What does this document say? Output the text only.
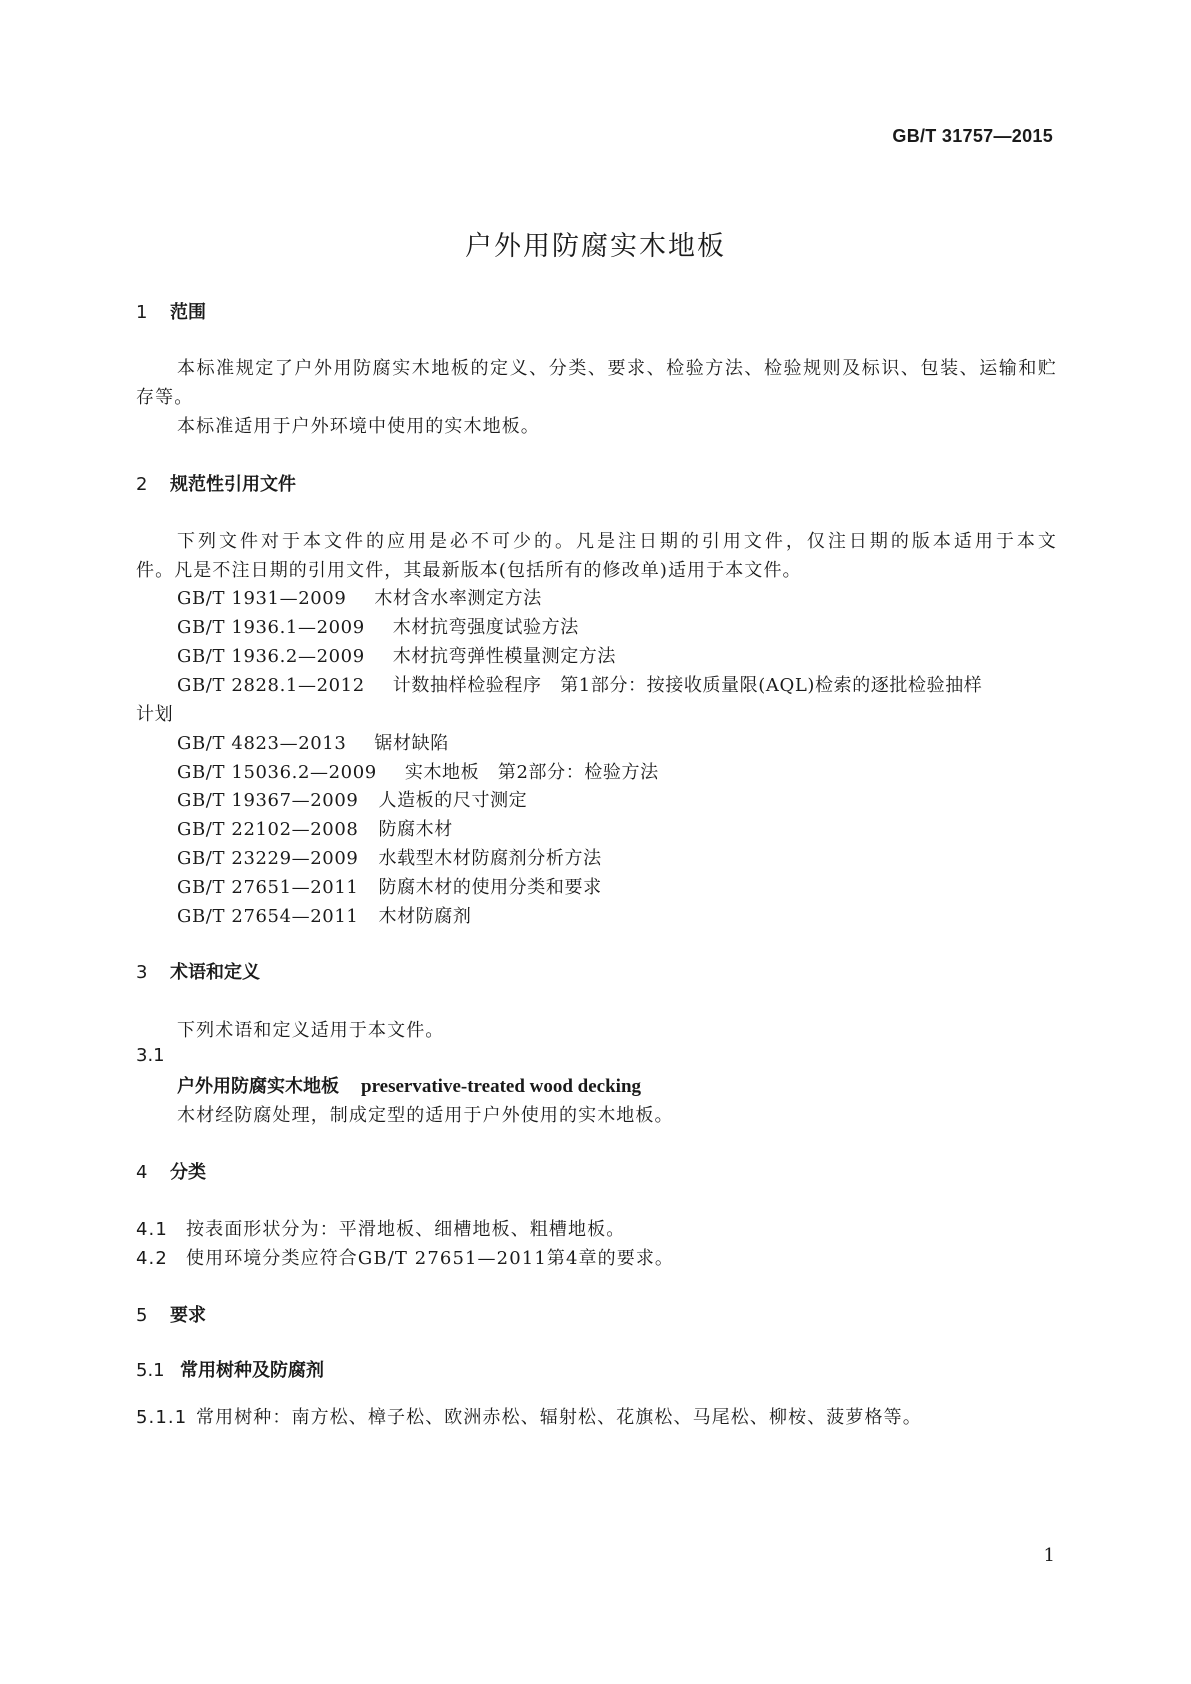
GB/T 31757—2015
户外用防腐实木地板
1 范围
本标准规定了户外用防腐实木地板的定义、分类、要求、检验方法、检验规则及标识、包装、运输和贮
存等。
本标准适用于户外环境中使用的实木地板。
2 规范性引用文件
下列文件对于本文件的应用是必不可少的。凡是注日期的引用文件，仅注日期的版本适用于本文
件。凡是不注日期的引用文件，其最新版本(包括所有的修改单)适用于本文件。
GB/T 1931—2009 木材含水率测定方法
GB/T 1936.1—2009 木材抗弯强度试验方法
GB/T 1936.2—2009 木材抗弯弹性模量测定方法
GB/T 2828.1—2012 计数抽样检验程序　第1部分：按接收质量限(AQL)检索的逐批检验抽样
计划
GB/T 4823—2013 锯材缺陷
GB/T 15036.2—2009 实木地板　第2部分：检验方法
GB/T 19367—2009 人造板的尺寸测定
GB/T 22102—2008 防腐木材
GB/T 23229—2009 水载型木材防腐剂分析方法
GB/T 27651—2011 防腐木材的使用分类和要求
GB/T 27654—2011 木材防腐剂
3 术语和定义
下列术语和定义适用于本文件。
3.1
户外用防腐实木地板 preservative-treated wood decking
木材经防腐处理，制成定型的适用于户外使用的实木地板。
4 分类
4.1 按表面形状分为：平滑地板、细槽地板、粗槽地板。
4.2 使用环境分类应符合GB/T 27651—2011第4章的要求。
5 要求
5.1 常用树种及防腐剂
5.1.1 常用树种：南方松、樟子松、欧洲赤松、辐射松、花旗松、马尾松、柳桉、菠萝格等。
1
